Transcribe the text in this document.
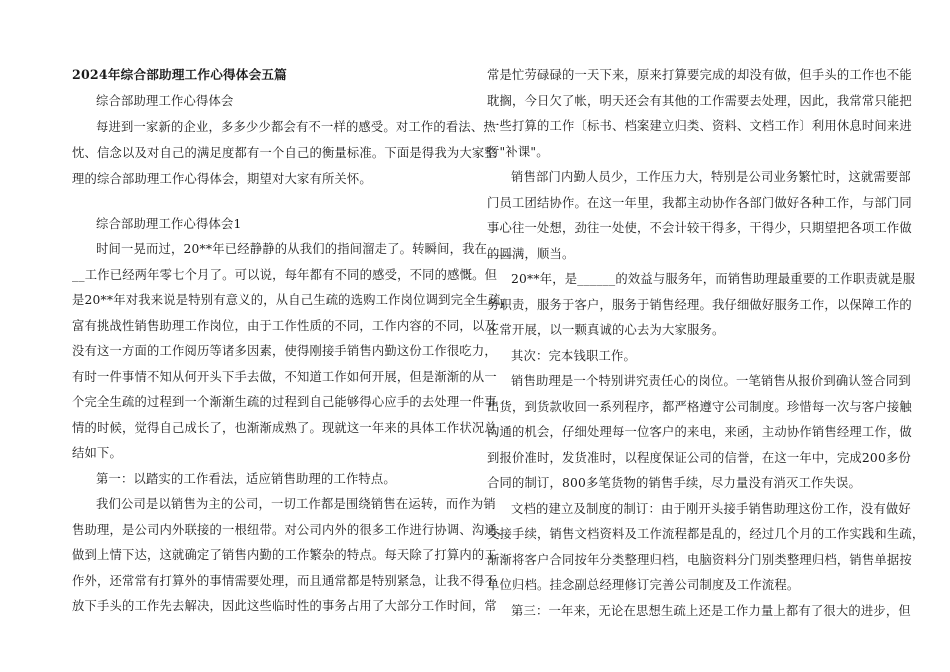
2024年综合部助理工作心得体会五篇
综合部助理工作心得体会
每进到一家新的企业，多多少少都会有不一样的感受。对工作的看法、热
忱、信念以及对自己的满足度都有一个自己的衡量标准。下面是得我为大家整
理的综合部助理工作心得体会，期望对大家有所关怀。
综合部助理工作心得体会1
时间一晃而过，20**年已经静静的从我们的指间溜走了。转瞬间，我在____
__工作已经两年零七个月了。可以说，每年都有不同的感受，不同的感慨。但
是20**年对我来说是特别有意义的，从自己生疏的选购工作岗位调到完全生疏，
富有挑战性销售助理工作岗位，由于工作性质的不同，工作内容的不同，以及
没有这一方面的工作阅历等诸多因素，使得刚接手销售内勤这份工作很吃力，
有时一件事情不知从何开头下手去做，不知道工作如何开展，但是渐渐的从一
个完全生疏的过程到一个渐渐生疏的过程到自己能够得心应手的去处理一件事
情的时候，觉得自己成长了，也渐渐成熟了。现就这一年来的具体工作状况总
结如下。
第一：以踏实的工作看法，适应销售助理的工作特点。
我们公司是以销售为主的公司，一切工作都是围绕销售在运转，而作为销
售助理，是公司内外联接的一根纽带。对公司内外的很多工作进行协调、沟通，
做到上情下达，这就确定了销售内勤的工作繁杂的特点。每天除了打算内的工
作外，还常常有打算外的事情需要处理，而且通常都是特别紧急，让我不得不
放下手头的工作先去解决，因此这些临时性的事务占用了大部分工作时间，常
常是忙劳碌碌的一天下来，原来打算要完成的却没有做，但手头的工作也不能
耽搁，今日欠了帐，明天还会有其他的工作需要去处理，因此，我常常只能把
一些打算的工作〔标书、档案建立归类、资料、文档工作〕利用休息时间来进
行"补课"。
销售部门内勤人员少，工作压力大，特别是公司业务繁忙时，这就需要部
门员工团结协作。在这一年里，我都主动协作各部门做好各种工作，与部门同
事心往一处想，劲往一处使，不会计较干得多，干得少，只期望把各项工作做
的圆满，顺当。
20**年，是______的效益与服务年，而销售助理最重要的工作职责就是服
务职责，服务于客户，服务于销售经理。我仔细做好服务工作，以保障工作的
正常开展，以一颗真诚的心去为大家服务。
其次：完本钱职工作。
销售助理是一个特别讲究责任心的岗位。一笔销售从报价到确认签合同到
出货，到货款收回一系列程序，都严格遵守公司制度。珍惜每一次与客户接触
沟通的机会，仔细处理每一位客户的来电，来函，主动协作销售经理工作，做
到报价准时，发货准时，以程度保证公司的信誉，在这一年中，完成200多份
合同的制订，800多笔货物的销售手续，尽力量没有消灭工作失误。
文档的建立及制度的制订：由于刚开头接手销售助理这份工作，没有做好
交接手续，销售文档资料及工作流程都是乱的，经过几个月的工作实践和生疏，
渐渐将客户合同按年分类整理归档，电脑资料分门别类整理归档，销售单据按
单位归档。挂念副总经理修订完善公司制度及工作流程。
第三：一年来，无论在思想生疏上还是工作力量上都有了很大的进步，但
